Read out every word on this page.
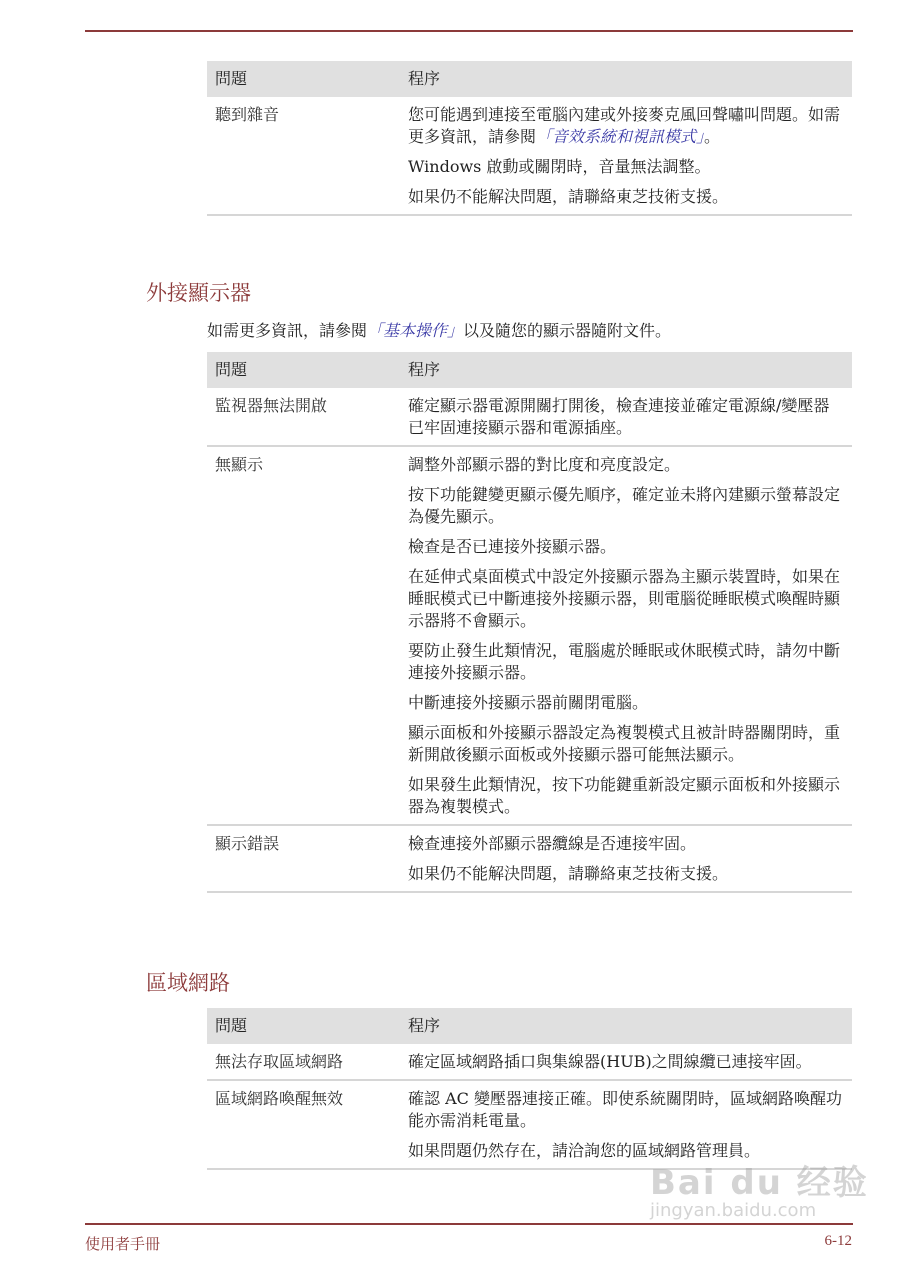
問題	程序
聽到雜音	您可能遇到連接至電腦內建或外接麥克風回聲嘯叫問題。如需更多資訊，請參閱「音效系統和視訊模式」。

Windows 啟動或關閉時，音量無法調整。

如果仍不能解決問題，請聯絡東芝技術支援。

外接顯示器
如需更多資訊，請參閱「基本操作」以及隨您的顯示器隨附文件。
問題	程序
監視器無法開啟	確定顯示器電源開關打開後，檢查連接並確定電源線/變壓器已牢固連接顯示器和電源插座。

無顯示	調整外部顯示器的對比度和亮度設定。

按下功能鍵變更顯示優先順序，確定並未將內建顯示螢幕設定為優先顯示。

檢查是否已連接外接顯示器。

在延伸式桌面模式中設定外接顯示器為主顯示裝置時，如果在睡眠模式已中斷連接外接顯示器，則電腦從睡眠模式喚醒時顯示器將不會顯示。

要防止發生此類情況，電腦處於睡眠或休眠模式時，請勿中斷連接外接顯示器。

中斷連接外接顯示器前關閉電腦。

顯示面板和外接顯示器設定為複製模式且被計時器關閉時，重新開啟後顯示面板或外接顯示器可能無法顯示。

如果發生此類情況，按下功能鍵重新設定顯示面板和外接顯示器為複製模式。

顯示錯誤	檢查連接外部顯示器纜線是否連接牢固。

如果仍不能解決問題，請聯絡東芝技術支援。

區域網路
問題	程序
無法存取區域網路	確定區域網路插口與集線器(HUB)之間線纜已連接牢固。

區域網路喚醒無效	確認 AC 變壓器連接正確。即使系統關閉時，區域網路喚醒功能亦需消耗電量。

如果問題仍然存在，請洽詢您的區域網路管理員。

Bai du 经验
jingyan.baidu.com
使用者手冊	6-12
